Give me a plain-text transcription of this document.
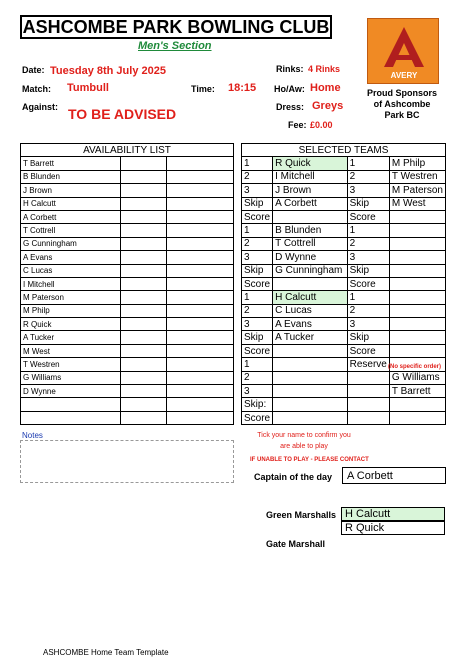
ASHCOMBE PARK BOWLING CLUB
Men's Section
AVERY
Proud Sponsors
of Ashcombe
Park BC
Date: Tuesday 8th July 2025	Rinks: 4 Rinks
Match: Tumbull	Time: 18:15 Ho/Aw: Home
Against: TO BE ADVISED	Dress: Greys
Fee: £0.00
AVAILABILITY LIST		
T Barrett		
B Blunden		
J Brown		
H Calcutt		
A Corbett		
T Cottrell		
G Cunningham		
A Evans		
C Lucas		
I Mitchell		
M Paterson		
M Philp		
R Quick		
A Tucker		
M West		
T Westren		
G Williams		
D Wynne		

Notes
SELECTED TEAMS			
1	R Quick	1	M Philp
2	I Mitchell	2	T Westren
3	J Brown	3	M Paterson
Skip	A Corbett	Skip	M West
Score		Score	
1	B Blunden	1	
2	T Cottrell	2	
3	D Wynne	3	
Skip	G Cunningham	Skip	
Score		Score	
1	H Calcutt	1	
2	C Lucas	2	
3	A Evans	3	
Skip	A Tucker	Skip	
Score		Score	
1		Reserve	
2			G Williams
3			T Barrett
Skip:			
Score			
(No specific order)
Tick your name to confirm you are able to play
IF UNABLE TO PLAY - PLEASE CONTACT
Captain of the day	A Corbett
Green Marshalls H Calcutt
R Quick
Gate Marshall
ASHCOMBE Home Team Template
